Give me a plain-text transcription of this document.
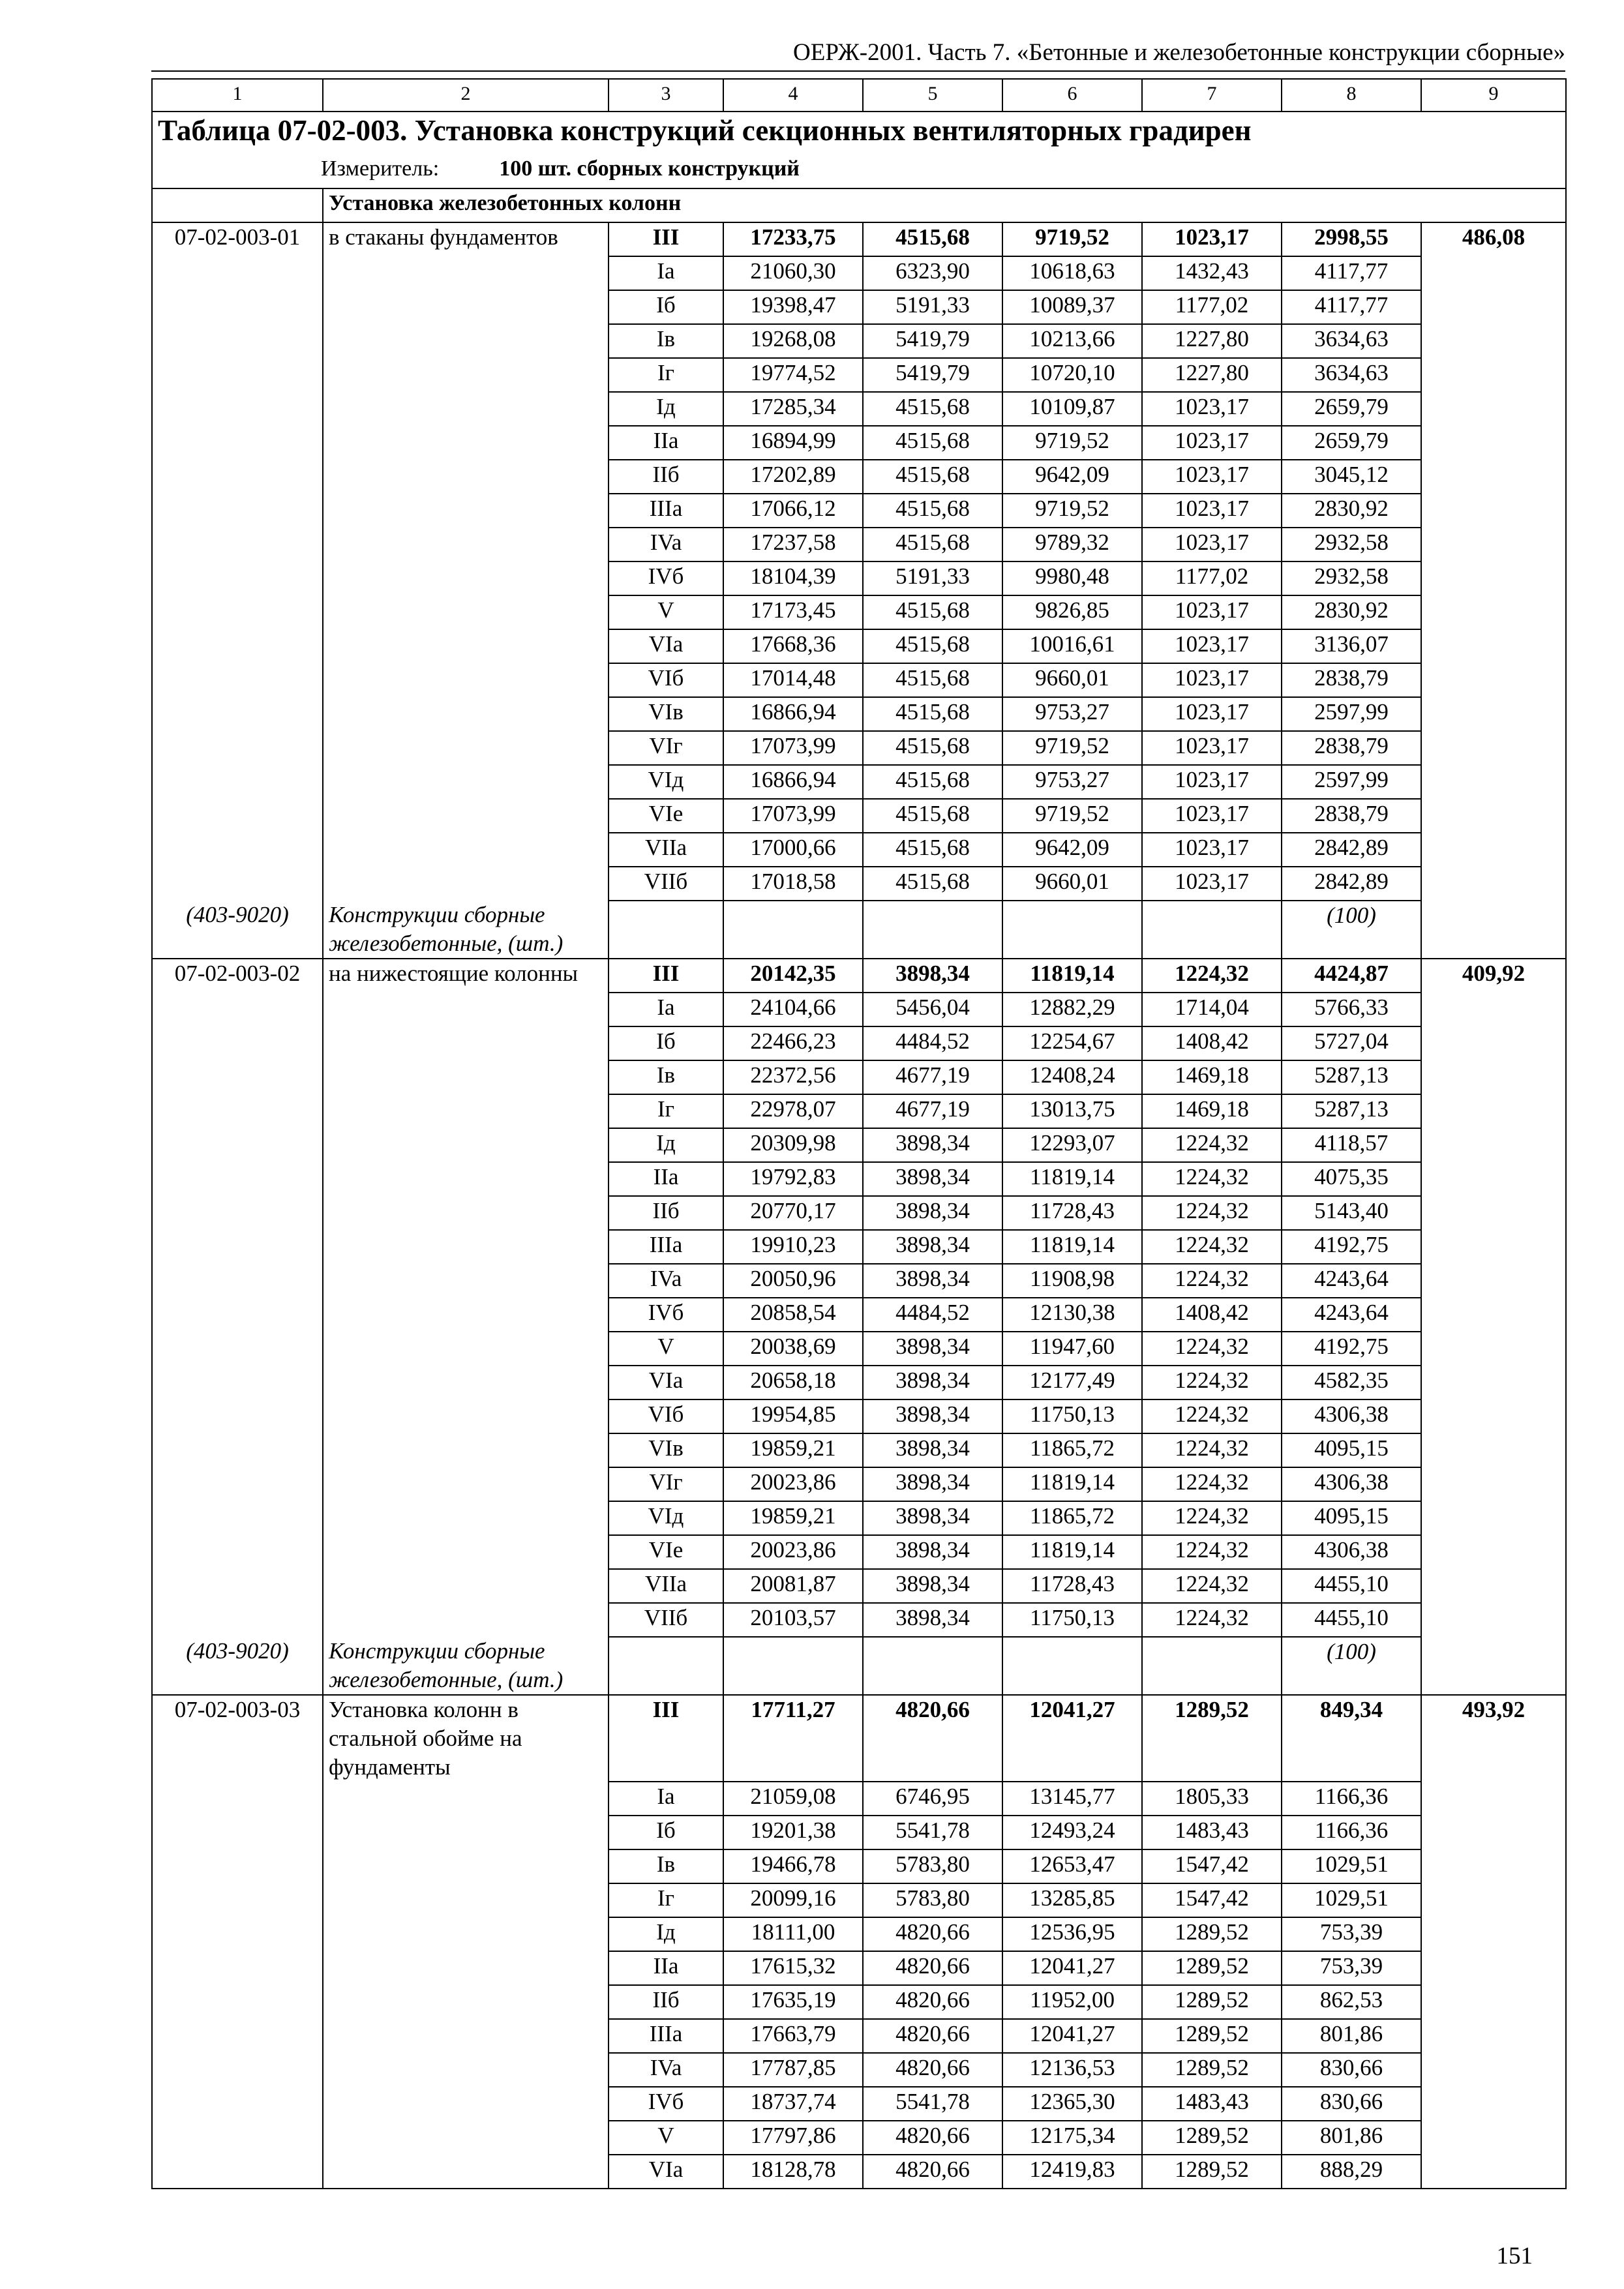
ОЕРЖ-2001. Часть 7. «Бетонные и железобетонные конструкции сборные»
1	2	3	4	5	6	7	8	9
Таблица 07-02-003. Установка конструкций секционных вентиляторных градирен								
Измеритель: 100 шт. сборных конструкций								
	Установка железобетонных колонн							
07-02-003-01	в стаканы фундаментов	III	17233,75	4515,68	9719,52	1023,17	2998,55	486,08
		Ia	21060,30	6323,90	10618,63	1432,43	4117,77	
		Iб	19398,47	5191,33	10089,37	1177,02	4117,77	
		Iв	19268,08	5419,79	10213,66	1227,80	3634,63	
		Iг	19774,52	5419,79	10720,10	1227,80	3634,63	
		Iд	17285,34	4515,68	10109,87	1023,17	2659,79	
		IIa	16894,99	4515,68	9719,52	1023,17	2659,79	
		IIб	17202,89	4515,68	9642,09	1023,17	3045,12	
		IIIa	17066,12	4515,68	9719,52	1023,17	2830,92	
		IVa	17237,58	4515,68	9789,32	1023,17	2932,58	
		IVб	18104,39	5191,33	9980,48	1177,02	2932,58	
		V	17173,45	4515,68	9826,85	1023,17	2830,92	
		VIa	17668,36	4515,68	10016,61	1023,17	3136,07	
		VIб	17014,48	4515,68	9660,01	1023,17	2838,79	
		VIв	16866,94	4515,68	9753,27	1023,17	2597,99	
		VIг	17073,99	4515,68	9719,52	1023,17	2838,79	
		VIд	16866,94	4515,68	9753,27	1023,17	2597,99	
		VIe	17073,99	4515,68	9719,52	1023,17	2838,79	
		VIIa	17000,66	4515,68	9642,09	1023,17	2842,89	
		VIIб	17018,58	4515,68	9660,01	1023,17	2842,89	
(403-9020)	Конструкции сборные железобетонные, (шт.)						(100)	
07-02-003-02	на нижестоящие колонны	III	20142,35	3898,34	11819,14	1224,32	4424,87	409,92
		Ia	24104,66	5456,04	12882,29	1714,04	5766,33	
		Iб	22466,23	4484,52	12254,67	1408,42	5727,04	
		Iв	22372,56	4677,19	12408,24	1469,18	5287,13	
		Iг	22978,07	4677,19	13013,75	1469,18	5287,13	
		Iд	20309,98	3898,34	12293,07	1224,32	4118,57	
		IIa	19792,83	3898,34	11819,14	1224,32	4075,35	
		IIб	20770,17	3898,34	11728,43	1224,32	5143,40	
		IIIa	19910,23	3898,34	11819,14	1224,32	4192,75	
		IVa	20050,96	3898,34	11908,98	1224,32	4243,64	
		IVб	20858,54	4484,52	12130,38	1408,42	4243,64	
		V	20038,69	3898,34	11947,60	1224,32	4192,75	
		VIa	20658,18	3898,34	12177,49	1224,32	4582,35	
		VIб	19954,85	3898,34	11750,13	1224,32	4306,38	
		VIв	19859,21	3898,34	11865,72	1224,32	4095,15	
		VIг	20023,86	3898,34	11819,14	1224,32	4306,38	
		VIд	19859,21	3898,34	11865,72	1224,32	4095,15	
		VIe	20023,86	3898,34	11819,14	1224,32	4306,38	
		VIIa	20081,87	3898,34	11728,43	1224,32	4455,10	
		VIIб	20103,57	3898,34	11750,13	1224,32	4455,10	
(403-9020)	Конструкции сборные железобетонные, (шт.)						(100)	
07-02-003-03	Установка колонн в стальной обойме на фундаменты	III	17711,27	4820,66	12041,27	1289,52	849,34	493,92
		Ia	21059,08	6746,95	13145,77	1805,33	1166,36	
		Iб	19201,38	5541,78	12493,24	1483,43	1166,36	
		Iв	19466,78	5783,80	12653,47	1547,42	1029,51	
		Iг	20099,16	5783,80	13285,85	1547,42	1029,51	
		Iд	18111,00	4820,66	12536,95	1289,52	753,39	
		IIa	17615,32	4820,66	12041,27	1289,52	753,39	
		IIб	17635,19	4820,66	11952,00	1289,52	862,53	
		IIIa	17663,79	4820,66	12041,27	1289,52	801,86	
		IVa	17787,85	4820,66	12136,53	1289,52	830,66	
		IVб	18737,74	5541,78	12365,30	1483,43	830,66	
		V	17797,86	4820,66	12175,34	1289,52	801,86	
		VIa	18128,78	4820,66	12419,83	1289,52	888,29	
151
